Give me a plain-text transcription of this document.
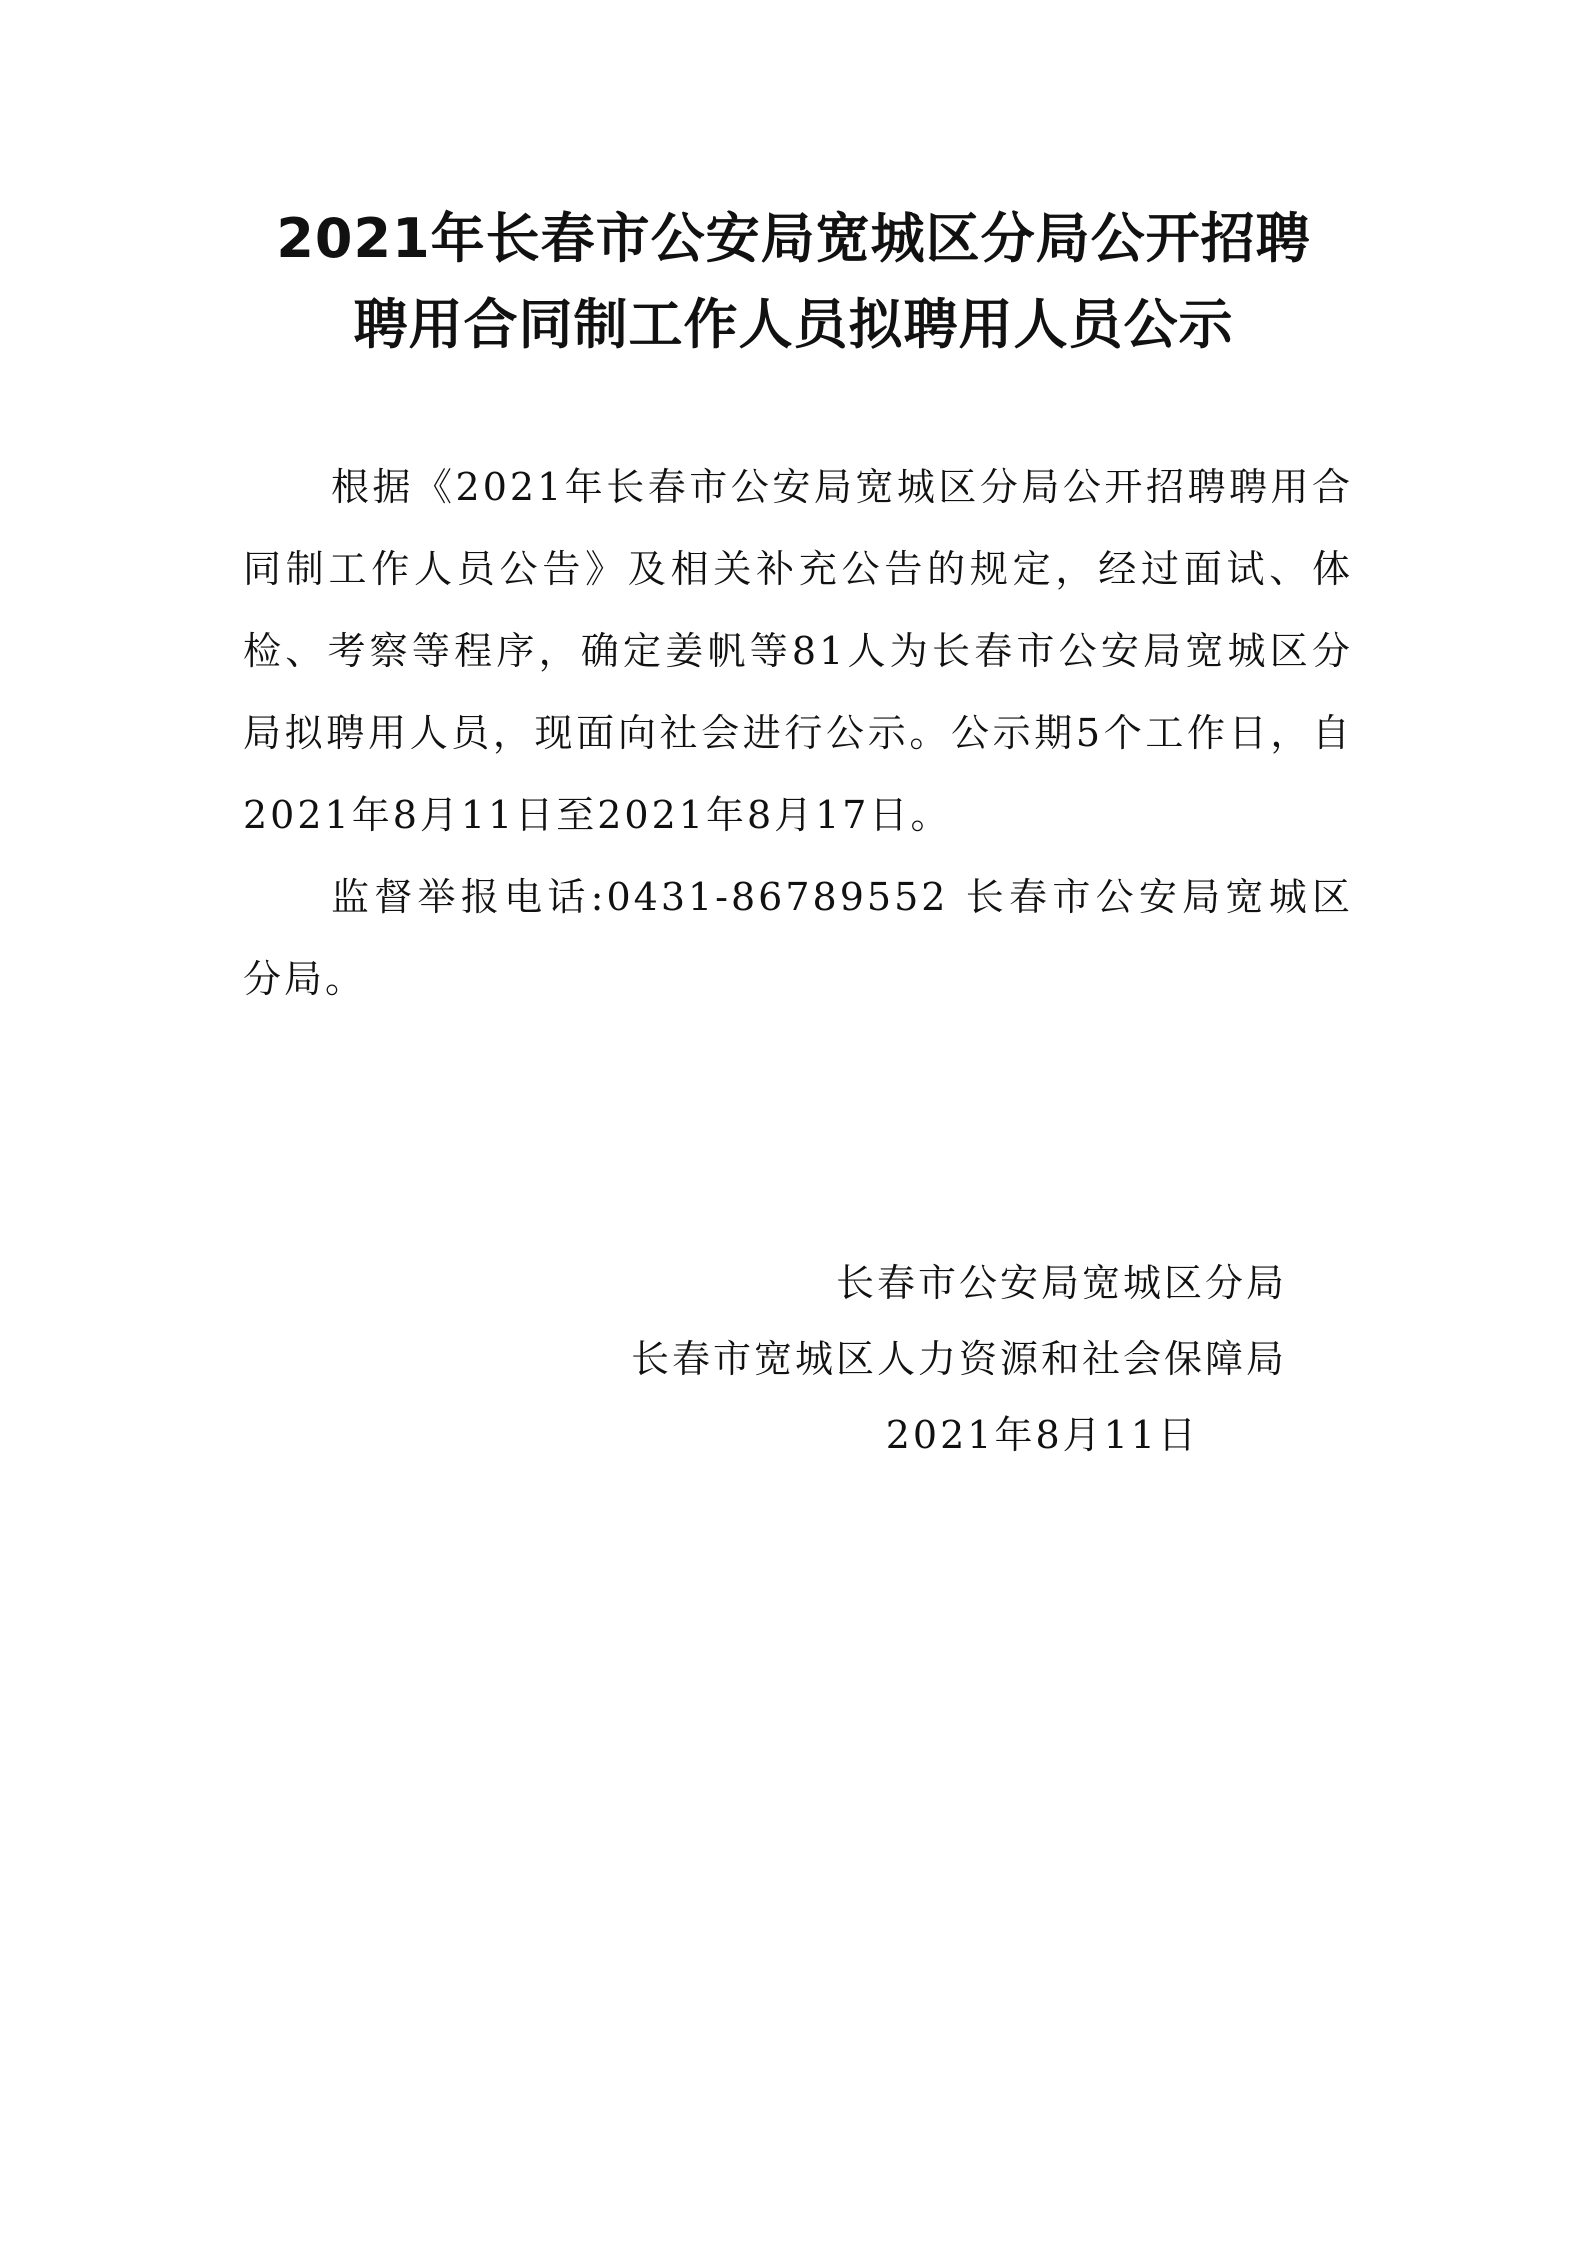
2021年长春市公安局宽城区分局公开招聘
聘用合同制工作人员拟聘用人员公示

根据《2021年长春市公安局宽城区分局公开招聘聘用合同制工作人员公告》及相关补充公告的规定，经过面试、体检、考察等程序，确定姜帆等81人为长春市公安局宽城区分局拟聘用人员，现面向社会进行公示。公示期5个工作日，自2021年8月11日至2021年8月17日。

监督举报电话:0431-86789552 长春市公安局宽城区分局。

长春市公安局宽城区分局
长春市宽城区人力资源和社会保障局
2021年8月11日
